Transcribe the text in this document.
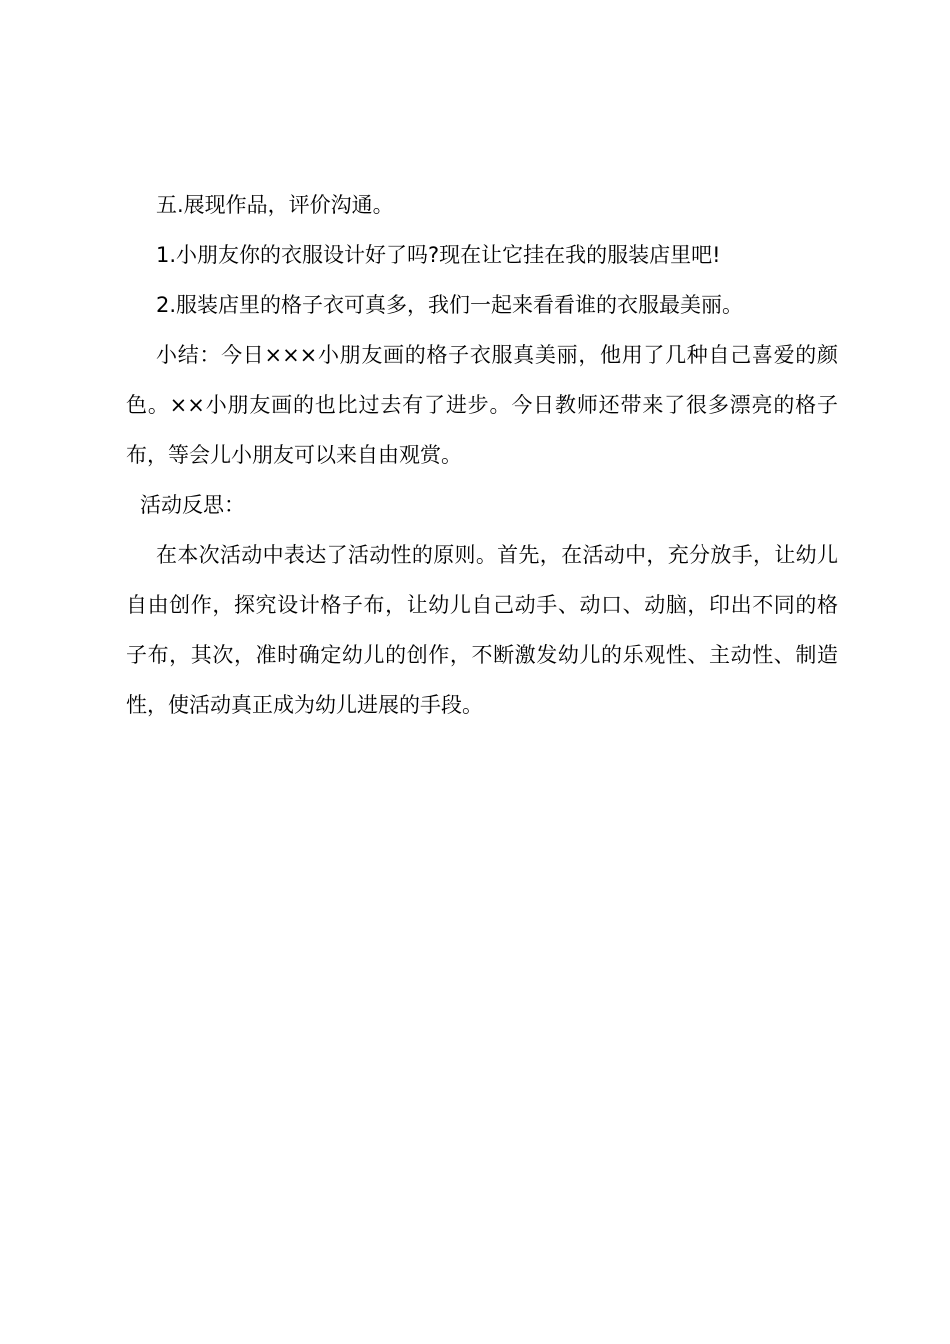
五.展现作品，评价沟通。

1.小朋友你的衣服设计好了吗?现在让它挂在我的服装店里吧!

2.服装店里的格子衣可真多，我们一起来看看谁的衣服最美丽。

小结：今日×××小朋友画的格子衣服真美丽，他用了几种自己喜爱的颜色。××小朋友画的也比过去有了进步。今日教师还带来了很多漂亮的格子布，等会儿小朋友可以来自由观赏。

活动反思：

在本次活动中表达了活动性的原则。首先，在活动中，充分放手，让幼儿自由创作，探究设计格子布，让幼儿自己动手、动口、动脑，印出不同的格子布，其次，准时确定幼儿的创作，不断激发幼儿的乐观性、主动性、制造性，使活动真正成为幼儿进展的手段。
